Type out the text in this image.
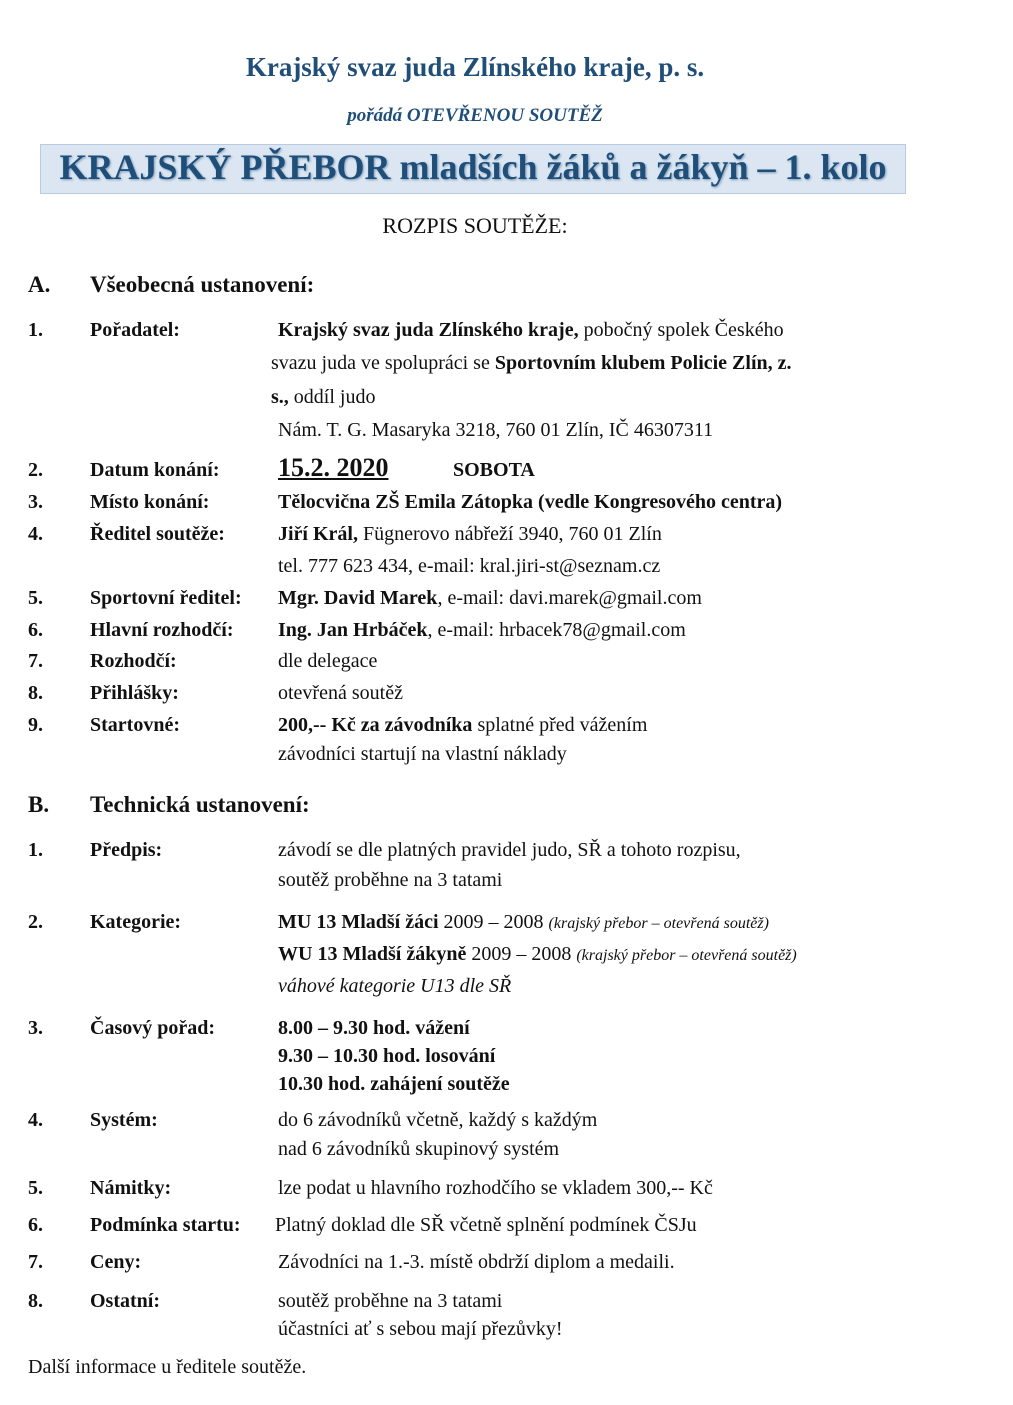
Krajský svaz juda Zlínského kraje, p. s.
pořádá OTEVŘENOU SOUTĚŽ
KRAJSKÝ PŘEBOR mladších žáků a žákyň – 1. kolo
ROZPIS SOUTĚŽE:
A. Všeobecná ustanovení:
1. Pořadatel:	Krajský svaz juda Zlínského kraje, pobočný spolek Českého
svazu juda ve spolupráci se Sportovním klubem Policie Zlín, z.
s., oddíl judo
Nám. T. G. Masaryka 3218, 760 01 Zlín, IČ 46307311
2. Datum konání: 15.2. 2020	SOBOTA
3. Místo konání:	Tělocvična ZŠ Emila Zátopka (vedle Kongresového centra)
4. Ředitel soutěže:	Jiří Král, Fügnerovo nábřeží 3940, 760 01 Zlín
tel. 777 623 434, e-mail: kral.jiri-st@seznam.cz
5. Sportovní ředitel: Mgr. David Marek, e-mail: davi.marek@gmail.com
6. Hlavní rozhodčí: Ing. Jan Hrbáček, e-mail: hrbacek78@gmail.com
7. Rozhodčí:	dle delegace
8. Přihlášky:	otevřená soutěž
9. Startovné:	200,-- Kč za závodníka splatné před vážením
závodníci startují na vlastní náklady
B. Technická ustanovení:
1. Předpis:	závodí se dle platných pravidel judo, SŘ a tohoto rozpisu,
soutěž proběhne na 3 tatami
2. Kategorie:	MU 13 Mladší žáci 2009 – 2008 (krajský přebor – otevřená soutěž)
WU 13 Mladší žákyně 2009 – 2008 (krajský přebor – otevřená soutěž)
váhové kategorie U13 dle SŘ
3. Časový pořad:	8.00 – 9.30 hod. vážení
9.30 – 10.30 hod. losování
10.30 hod. zahájení soutěže
4. Systém:	do 6 závodníků včetně, každý s každým
nad 6 závodníků skupinový systém
5. Námitky:	lze podat u hlavního rozhodčího se vkladem 300,-- Kč
6. Podmínka startu: Platný doklad dle SŘ včetně splnění podmínek ČSJu
7. Ceny:	Závodníci na 1.-3. místě obdrží diplom a medaili.
8. Ostatní:	soutěž proběhne na 3 tatami
účastníci ať s sebou mají přezůvky!
Další informace u ředitele soutěže.
